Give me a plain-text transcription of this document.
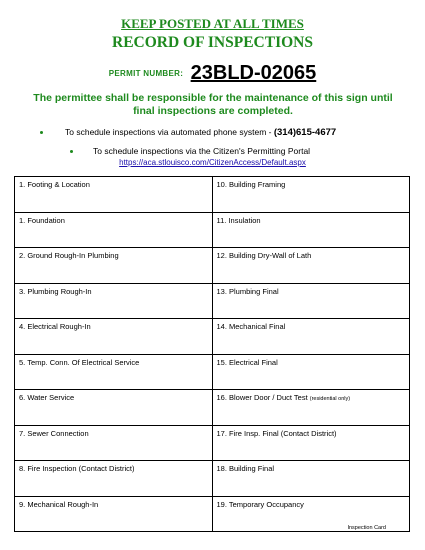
KEEP POSTED AT ALL TIMES
RECORD OF INSPECTIONS
PERMIT NUMBER: 23BLD-02065
The permittee shall be responsible for the maintenance of this sign until final inspections are completed.
To schedule inspections via automated phone system - (314)615-4677
To schedule inspections via the Citizen's Permitting Portal
https://aca.stlouisco.com/CitizenAccess/Default.aspx
1. Footing & Location	10. Building Framing
1. Foundation	11. Insulation
2. Ground Rough-In Plumbing	12. Building Dry-Wall of Lath
3. Plumbing Rough-In	13. Plumbing Final
4. Electrical Rough-In	14. Mechanical Final
5. Temp. Conn. Of Electrical Service	15. Electrical Final
6. Water Service	16. Blower Door / Duct Test (residential only)
7. Sewer Connection	17. Fire Insp. Final (Contact District)
8. Fire Inspection (Contact District)	18. Building Final
9. Mechanical Rough-In	19. Temporary Occupancy
Inspection Card
